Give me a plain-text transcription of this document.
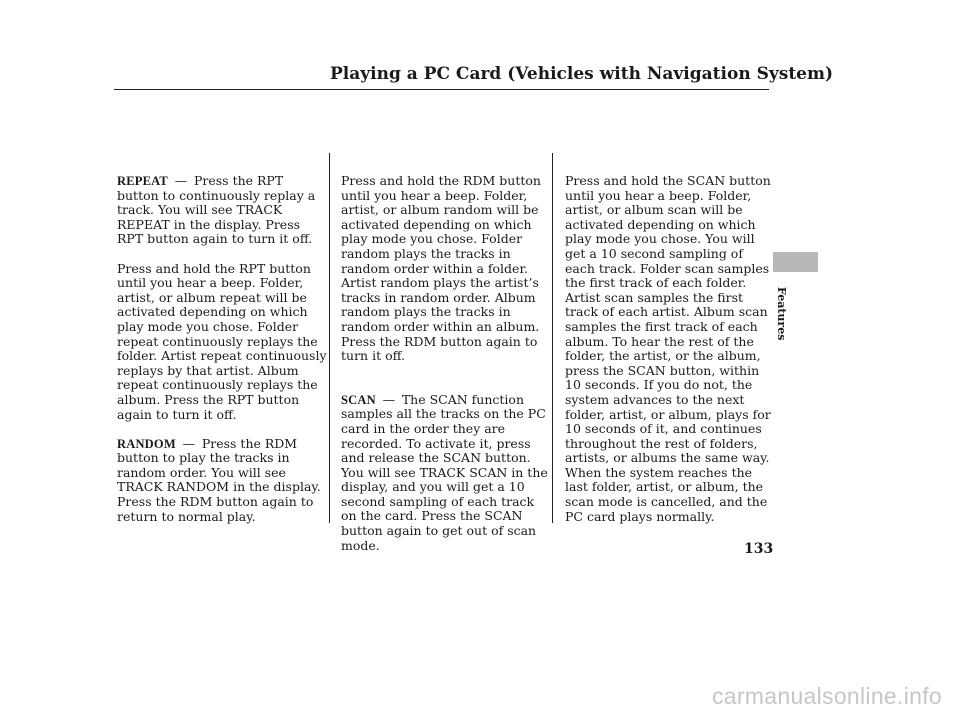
Playing a PC Card (Vehicles with Navigation System)

REPEAT — Press the RPT button to continuously replay a track. You will see TRACK REPEAT in the display. Press RPT button again to turn it off.

Press and hold the RPT button until you hear a beep. Folder, artist, or album repeat will be activated depending on which play mode you chose. Folder repeat continuously replays the folder. Artist repeat continuously replays by that artist. Album repeat continuously replays the album. Press the RPT button again to turn it off.

RANDOM — Press the RDM button to play the tracks in random order. You will see TRACK RANDOM in the display. Press the RDM button again to return to normal play.

Press and hold the RDM button until you hear a beep. Folder, artist, or album random will be activated depending on which play mode you chose. Folder random plays the tracks in random order within a folder. Artist random plays the artist’s tracks in random order. Album random plays the tracks in random order within an album. Press the RDM button again to turn it off.

SCAN — The SCAN function samples all the tracks on the PC card in the order they are recorded. To activate it, press and release the SCAN button. You will see TRACK SCAN in the display, and you will get a 10 second sampling of each track on the card. Press the SCAN button again to get out of scan mode.

Press and hold the SCAN button until you hear a beep. Folder, artist, or album scan will be activated depending on which play mode you chose. You will get a 10 second sampling of each track. Folder scan samples the first track of each folder. Artist scan samples the first track of each artist. Album scan samples the first track of each album. To hear the rest of the folder, the artist, or the album, press the SCAN button, within 10 seconds. If you do not, the system advances to the next folder, artist, or album, plays for 10 seconds of it, and continues throughout the rest of folders, artists, or albums the same way. When the system reaches the last folder, artist, or album, the scan mode is cancelled, and the PC card plays normally.

Features
133
carmanualsonline.info
